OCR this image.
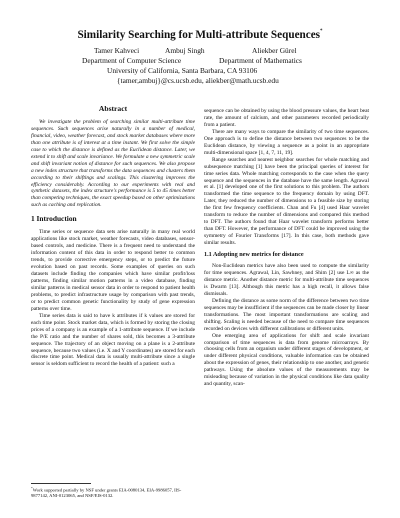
Similarity Searching for Multi-attribute Sequences*
Tamer Kahveci	Ambuj Singh	Aliekber Gürel
Department of Computer Science	Department of Mathematics
University of California, Santa Barbara, CA 93106
{tamer,ambuj}@cs.ucsb.edu, aliekber@math.ucsb.edu
Abstract

We investigate the problem of searching similar multi-attribute time sequences. Such sequences arise naturally in a number of medical, financial, video, weather forecast, and stock market databases where more than one attribute is of interest at a time instant. We first solve the simple case to which the distance is defined as the Euclidean distance. Later, we extend it to shift and scale invariance. We formulate a new symmetric scale and shift invariant notion of distance for such sequences. We also propose a new index structure that transforms the data sequences and clusters them according to their shiftings and scalings. This clustering improves the efficiency considerably. According to our experiments with real and synthetic datasets, the index structure's performance is 5 to 45 times better than competing techniques, the exact speedup based on other optimizations such as caching and replication.

1 Introduction

Time series or sequence data sets arise naturally in many real world applications like stock market, weather forecasts, video databases, sensor-based controls, and medicine. There is a frequent need to understand the information content of this data in order to respond better to common trends, to provide corrective emergency steps, or to predict the future evolution based on past records. Some examples of queries on such datasets include finding the companies which have similar profit/loss patterns, finding similar motion patterns in a video database, finding similar patterns in medical sensor data in order to respond to patient health problems, to predict infrastructure usage by comparison with past trends, or to predict common genetic functionality by study of gene expression patterns over time.

Time series data is said to have k attributes if k values are stored for each time point. Stock market data, which is formed by storing the closing prices of a company is an example of a 1-attribute sequence. If we include the P/E ratio and the number of shares sold, this becomes a 3-attribute sequence. The trajectory of an object moving on a plane is a 2-attribute sequence, because two values (i.e. X and Y coordinates) are stored for each discrete time point. Medical data is usually multi-attribute since a single sensor is seldom sufficient to record the health of a patient: such a

sequence can be obtained by using the blood pressure values, the heart beat rate, the amount of calcium, and other parameters recorded periodically from a patient.

There are many ways to compare the similarity of two time sequences. One approach is to define the distance between two sequences to be the Euclidean distance, by viewing a sequence as a point in an appropriate multi-dimensional space [1, 4, 7, 11, 19].

Range searches and nearest neighbor searches for whole matching and subsequence matching [1] have been the principal queries of interest for time series data. Whole matching corresponds to the case when the query sequence and the sequences in the database have the same length. Agrawal et al. [1] developed one of the first solutions to this problem. The authors transformed the time sequence to the frequency domain by using DFT. Later, they reduced the number of dimensions to a feasible size by storing the first few frequency coefficients. Chan and Fu [4] used Haar wavelet transform to reduce the number of dimensions and compared this method to DFT. The authors found that Haar wavelet transform performs better than DFT. However, the performance of DFT could be improved using the symmetry of Fourier Transforms [17]. In this case, both methods gave similar results.

1.1 Adopting new metrics for distance

Non-Euclidean metrics have also been used to compute the similarity for time sequences. Agrawal, Lin, Sawhney, and Shim [2] use L∞ as the distance metric. Another distance metric for multi-attribute time sequences is Dwarm [13]. Although this metric has a high recall, it allows false dismissals.

Defining the distance as some norm of the difference between two time sequences may be insufficient if the sequences can be made closer by linear transformations. The most important transformations are scaling and shifting. Scaling is needed because of the need to compare time sequences recorded on devices with different calibrations or different units.

One emerging area of applications for shift and scale invariant comparison of time sequences is data from genome microarrays. By choosing cells from an organism under different stages of development, or under different physical conditions, valuable information can be obtained about the expression of genes, their relationship to one another, and genetic pathways. Using the absolute values of the measurements may be misleading because of variation in the physical conditions like data quality and quantity, scan-

*Work supported partially by NSF under grants EIA-0080134, EIA-9986057, IIS-9877142, ANI-0123065, and NSF/EIS-0132.
